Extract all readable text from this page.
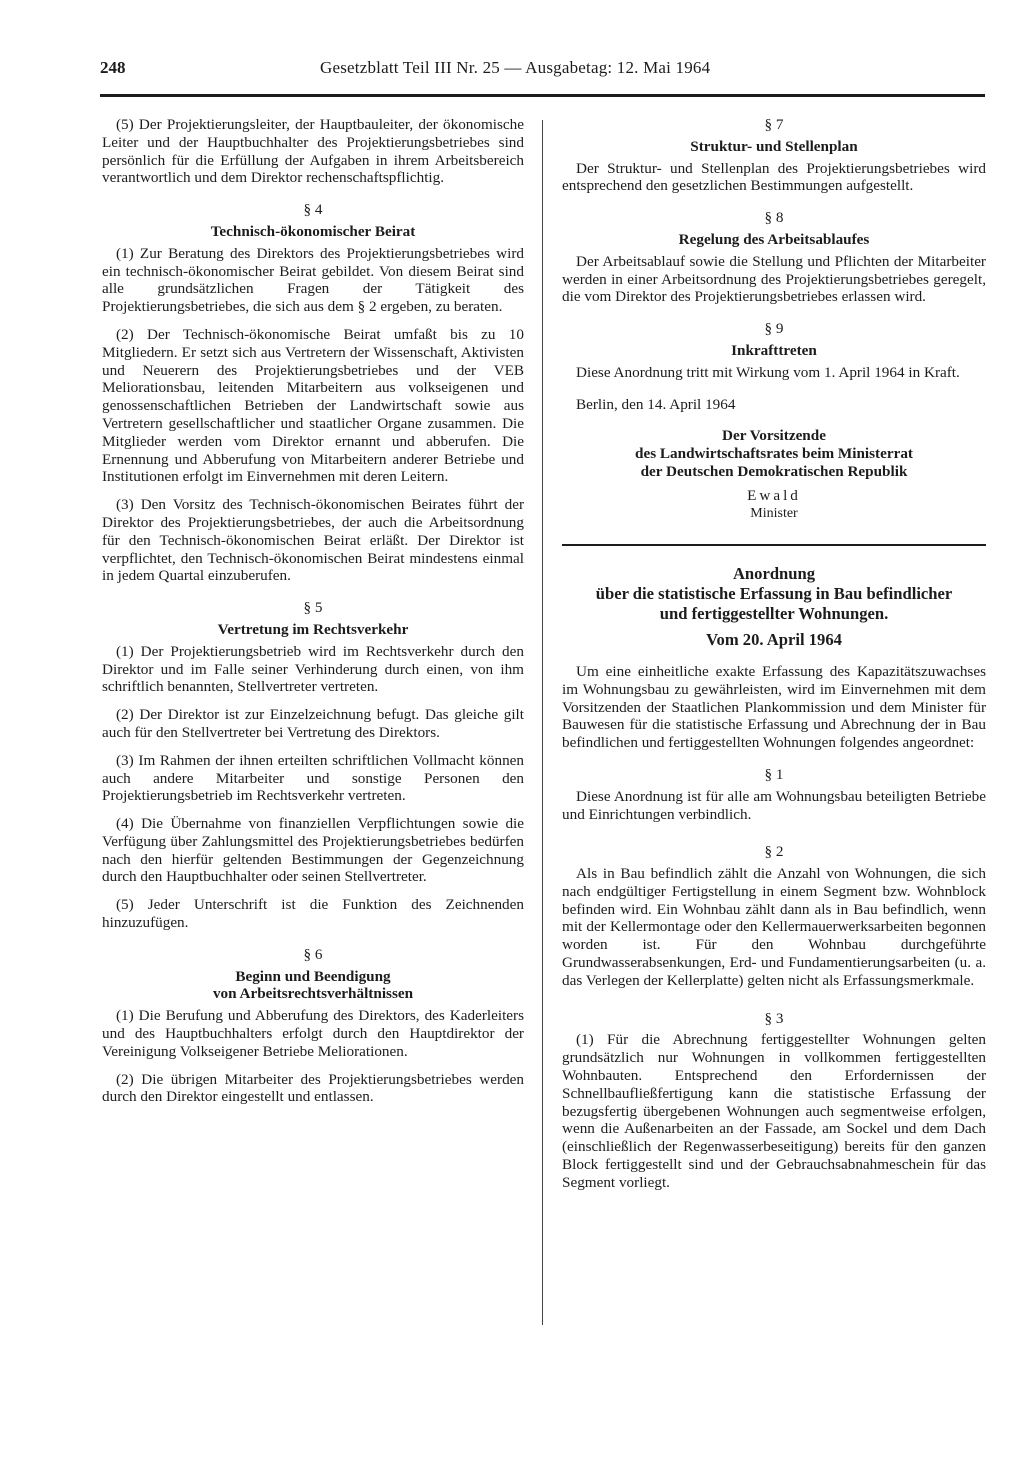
248	Gesetzblatt Teil III Nr. 25 — Ausgabetag: 12. Mai 1964

(5) Der Projektierungsleiter, der Hauptbauleiter, der ökonomische Leiter und der Hauptbuchhalter des Projektierungsbetriebes sind persönlich für die Erfüllung der Aufgaben in ihrem Arbeitsbereich verantwortlich und dem Direktor rechenschaftspflichtig.

§ 4
Technisch-ökonomischer Beirat

(1) Zur Beratung des Direktors des Projektierungsbetriebes wird ein technisch-ökonomischer Beirat gebildet. Von diesem Beirat sind alle grundsätzlichen Fragen der Tätigkeit des Projektierungsbetriebes, die sich aus dem § 2 ergeben, zu beraten.

(2) Der Technisch-ökonomische Beirat umfaßt bis zu 10 Mitgliedern. Er setzt sich aus Vertretern der Wissenschaft, Aktivisten und Neuerern des Projektierungsbetriebes und der VEB Meliorationsbau, leitenden Mitarbeitern aus volkseigenen und genossenschaftlichen Betrieben der Landwirtschaft sowie aus Vertretern gesellschaftlicher und staatlicher Organe zusammen. Die Mitglieder werden vom Direktor ernannt und abberufen. Die Ernennung und Abberufung von Mitarbeitern anderer Betriebe und Institutionen erfolgt im Einvernehmen mit deren Leitern.

(3) Den Vorsitz des Technisch-ökonomischen Beirates führt der Direktor des Projektierungsbetriebes, der auch die Arbeitsordnung für den Technisch-ökonomischen Beirat erläßt. Der Direktor ist verpflichtet, den Technisch-ökonomischen Beirat mindestens einmal in jedem Quartal einzuberufen.

§ 5
Vertretung im Rechtsverkehr

(1) Der Projektierungsbetrieb wird im Rechtsverkehr durch den Direktor und im Falle seiner Verhinderung durch einen, von ihm schriftlich benannten, Stellvertreter vertreten.

(2) Der Direktor ist zur Einzelzeichnung befugt. Das gleiche gilt auch für den Stellvertreter bei Vertretung des Direktors.

(3) Im Rahmen der ihnen erteilten schriftlichen Vollmacht können auch andere Mitarbeiter und sonstige Personen den Projektierungsbetrieb im Rechtsverkehr vertreten.

(4) Die Übernahme von finanziellen Verpflichtungen sowie die Verfügung über Zahlungsmittel des Projektierungsbetriebes bedürfen nach den hierfür geltenden Bestimmungen der Gegenzeichnung durch den Hauptbuchhalter oder seinen Stellvertreter.

(5) Jeder Unterschrift ist die Funktion des Zeichnenden hinzuzufügen.

§ 6
Beginn und Beendigung
von Arbeitsrechtsverhältnissen

(1) Die Berufung und Abberufung des Direktors, des Kaderleiters und des Hauptbuchhalters erfolgt durch den Hauptdirektor der Vereinigung Volkseigener Betriebe Meliorationen.

(2) Die übrigen Mitarbeiter des Projektierungsbetriebes werden durch den Direktor eingestellt und entlassen.

§ 7
Struktur- und Stellenplan

Der Struktur- und Stellenplan des Projektierungsbetriebes wird entsprechend den gesetzlichen Bestimmungen aufgestellt.

§ 8
Regelung des Arbeitsablaufes

Der Arbeitsablauf sowie die Stellung und Pflichten der Mitarbeiter werden in einer Arbeitsordnung des Projektierungsbetriebes geregelt, die vom Direktor des Projektierungsbetriebes erlassen wird.

§ 9
Inkrafttreten

Diese Anordnung tritt mit Wirkung vom 1. April 1964 in Kraft.

Berlin, den 14. April 1964

Der Vorsitzende

des Landwirtschaftsrates beim Ministerrat

der Deutschen Demokratischen Republik

Ewald

Minister

Anordnung

über die statistische Erfassung in Bau befindlicher

und fertiggestellter Wohnungen.

Vom 20. April 1964

Um eine einheitliche exakte Erfassung des Kapazitätszuwachses im Wohnungsbau zu gewährleisten, wird im Einvernehmen mit dem Vorsitzenden der Staatlichen Plankommission und dem Minister für Bauwesen für die statistische Erfassung und Abrechnung der in Bau befindlichen und fertiggestellten Wohnungen folgendes angeordnet:

§ 1

Diese Anordnung ist für alle am Wohnungsbau beteiligten Betriebe und Einrichtungen verbindlich.

§ 2

Als in Bau befindlich zählt die Anzahl von Wohnungen, die sich nach endgültiger Fertigstellung in einem Segment bzw. Wohnblock befinden wird. Ein Wohnbau zählt dann als in Bau befindlich, wenn mit der Kellermontage oder den Kellermauerwerksarbeiten begonnen worden ist. Für den Wohnbau durchgeführte Grundwasserabsenkungen, Erd- und Fundamentierungsarbeiten (u. a. das Verlegen der Kellerplatte) gelten nicht als Erfassungsmerkmale.

§ 3

(1) Für die Abrechnung fertiggestellter Wohnungen gelten grundsätzlich nur Wohnungen in vollkommen fertiggestellten Wohnbauten. Entsprechend den Erfordernissen der Schnellbaufließfertigung kann die statistische Erfassung der bezugsfertig übergebenen Wohnungen auch segmentweise erfolgen, wenn die Außenarbeiten an der Fassade, am Sockel und dem Dach (einschließlich der Regenwasserbeseitigung) bereits für den ganzen Block fertiggestellt sind und der Gebrauchsabnahmeschein für das Segment vorliegt.
